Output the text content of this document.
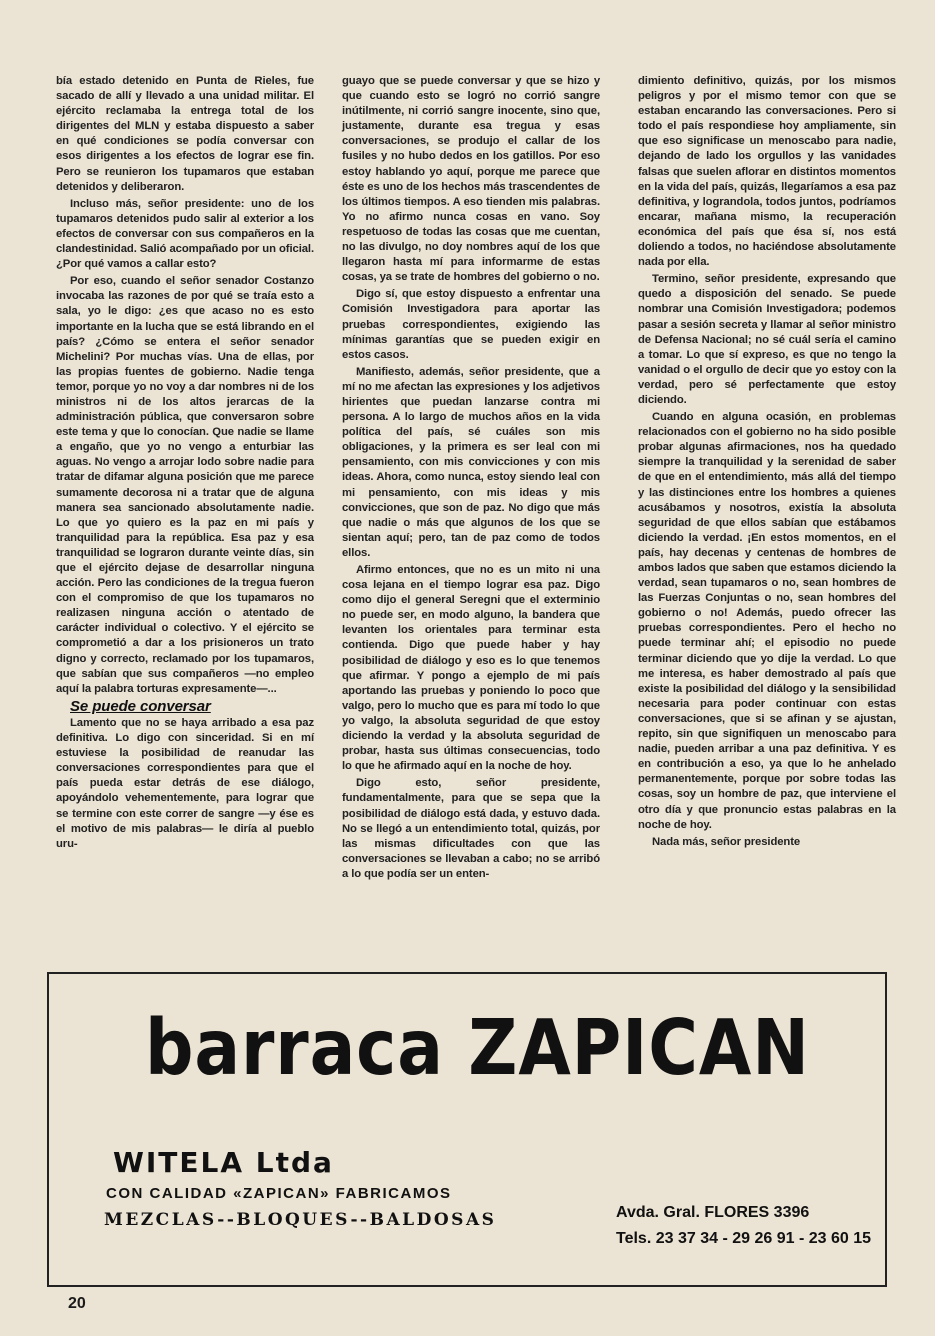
bía estado detenido en Punta de Rieles, fue sacado de allí y llevado a una unidad militar. El ejército reclamaba la entrega total de los dirigentes del MLN y estaba dispuesto a saber en qué condiciones se podía conversar con esos dirigentes a los efectos de lograr ese fin. Pero se reunieron los tupamaros que estaban detenidos y deliberaron.

Incluso más, señor presidente: uno de los tupamaros detenidos pudo salir al exterior a los efectos de conversar con sus compañeros en la clandestinidad. Salió acompañado por un oficial. ¿Por qué vamos a callar esto?

Por eso, cuando el señor senador Costanzo invocaba las razones de por qué se traía esto a sala, yo le digo: ¿es que acaso no es esto importante en la lucha que se está librando en el país? ¿Cómo se entera el señor senador Michelini? Por muchas vías. Una de ellas, por las propias fuentes de gobierno. Nadie tenga temor, porque yo no voy a dar nombres ni de los ministros ni de los altos jerarcas de la administración pública, que conversaron sobre este tema y que lo conocían. Que nadie se llame a engaño, que yo no vengo a enturbiar las aguas. No vengo a arrojar lodo sobre nadie para tratar de difamar alguna posición que me parece sumamente decorosa ni a tratar que de alguna manera sea sancionado absolutamente nadie. Lo que yo quiero es la paz en mi país y tranquilidad para la república. Esa paz y esa tranquilidad se lograron durante veinte días, sin que el ejército dejase de desarrollar ninguna acción. Pero las condiciones de la tregua fueron con el compromiso de que los tupamaros no realizasen ninguna acción o atentado de carácter individual o colectivo. Y el ejército se comprometió a dar a los prisioneros un trato digno y correcto, reclamado por los tupamaros, que sabían que sus compañeros —no empleo aquí la palabra torturas expresamente—...

Se puede conversar

Lamento que no se haya arribado a esa paz definitiva. Lo digo con sinceridad. Si en mí estuviese la posibilidad de reanudar las conversaciones correspondientes para que el país pueda estar detrás de ese diálogo, apoyándolo vehementemente, para lograr que se termine con este correr de sangre —y ése es el motivo de mis palabras— le diría al pueblo uru-

guayo que se puede conversar y que se hizo y que cuando esto se logró no corrió sangre inútilmente, ni corrió sangre inocente, sino que, justamente, durante esa tregua y esas conversaciones, se produjo el callar de los fusiles y no hubo dedos en los gatillos. Por eso estoy hablando yo aquí, porque me parece que éste es uno de los hechos más trascendentes de los últimos tiempos. A eso tienden mis palabras. Yo no afirmo nunca cosas en vano. Soy respetuoso de todas las cosas que me cuentan, no las divulgo, no doy nombres aquí de los que llegaron hasta mí para informarme de estas cosas, ya se trate de hombres del gobierno o no.

Digo sí, que estoy dispuesto a enfrentar una Comisión Investigadora para aportar las pruebas correspondientes, exigiendo las mínimas garantías que se pueden exigir en estos casos.

Manifiesto, además, señor presidente, que a mí no me afectan las expresiones y los adjetivos hirientes que puedan lanzarse contra mi persona. A lo largo de muchos años en la vida política del país, sé cuáles son mis obligaciones, y la primera es ser leal con mi pensamiento, con mis convicciones y con mis ideas. Ahora, como nunca, estoy siendo leal con mi pensamiento, con mis ideas y mis convicciones, que son de paz. No digo que más que nadie o más que algunos de los que se sientan aquí; pero, tan de paz como de todos ellos.

Afirmo entonces, que no es un mito ni una cosa lejana en el tiempo lograr esa paz. Digo como dijo el general Seregni que el exterminio no puede ser, en modo alguno, la bandera que levanten los orientales para terminar esta contienda. Digo que puede haber y hay posibilidad de diálogo y eso es lo que tenemos que afirmar. Y pongo a ejemplo de mi país aportando las pruebas y poniendo lo poco que valgo, pero lo mucho que es para mí todo lo que yo valgo, la absoluta seguridad de que estoy diciendo la verdad y la absoluta seguridad de probar, hasta sus últimas consecuencias, todo lo que he afirmado aquí en la noche de hoy.

Digo esto, señor presidente, fundamentalmente, para que se sepa que la posibilidad de diálogo está dada, y estuvo dada. No se llegó a un entendimiento total, quizás, por las mismas dificultades con que las conversaciones se llevaban a cabo; no se arribó a lo que podía ser un enten-

dimiento definitivo, quizás, por los mismos peligros y por el mismo temor con que se estaban encarando las conversaciones. Pero si todo el país respondiese hoy ampliamente, sin que eso significase un menoscabo para nadie, dejando de lado los orgullos y las vanidades falsas que suelen aflorar en distintos momentos en la vida del país, quizás, llegaríamos a esa paz definitiva, y lograndola, todos juntos, podríamos encarar, mañana mismo, la recuperación económica del país que ésa sí, nos está doliendo a todos, no haciéndose absolutamente nada por ella.

Termino, señor presidente, expresando que quedo a disposición del senado. Se puede nombrar una Comisión Investigadora; podemos pasar a sesión secreta y llamar al señor ministro de Defensa Nacional; no sé cuál sería el camino a tomar. Lo que sí expreso, es que no tengo la vanidad o el orgullo de decir que yo estoy con la verdad, pero sé perfectamente que estoy diciendo.

Cuando en alguna ocasión, en problemas relacionados con el gobierno no ha sido posible probar algunas afirmaciones, nos ha quedado siempre la tranquilidad y la serenidad de saber de que en el entendimiento, más allá del tiempo y las distinciones entre los hombres a quienes acusábamos y nosotros, existía la absoluta seguridad de que ellos sabían que estábamos diciendo la verdad. ¡En estos momentos, en el país, hay decenas y centenas de hombres de ambos lados que saben que estamos diciendo la verdad, sean tupamaros o no, sean hombres de las Fuerzas Conjuntas o no, sean hombres del gobierno o no! Además, puedo ofrecer las pruebas correspondientes. Pero el hecho no puede terminar ahí; el episodio no puede terminar diciendo que yo dije la verdad. Lo que me interesa, es haber demostrado al país que existe la posibilidad del diálogo y la sensibilidad necesaria para poder continuar con estas conversaciones, que si se afinan y se ajustan, repito, sin que signifiquen un menoscabo para nadie, pueden arribar a una paz definitiva. Y es en contribución a eso, ya que lo he anhelado permanentemente, porque por sobre todas las cosas, soy un hombre de paz, que interviene el otro día y que pronuncio estas palabras en la noche de hoy.

Nada más, señor presidente

barraca ZAPICAN
WITELA Ltda
CON CALIDAD «ZAPICAN» FABRICAMOS
MEZCLAS--BLOQUES--BALDOSAS	Avda. Gral. FLORES 3396
Tels. 23 37 34 - 29 26 91 - 23 60 15
20
